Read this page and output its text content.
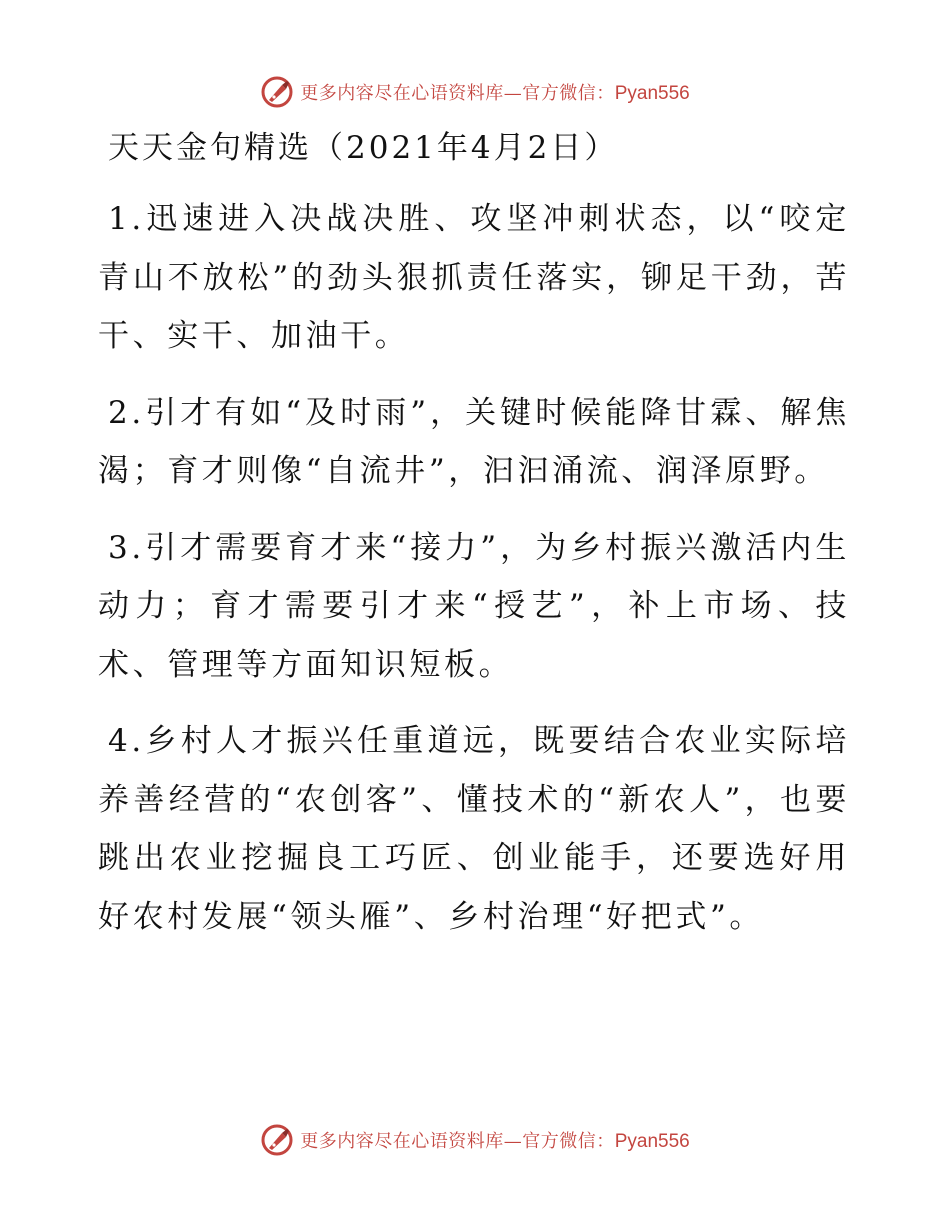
更多内容尽在心语资料库—官方微信：Pyan556
天天金句精选（2021年4月2日）
1.迅速进入决战决胜、攻坚冲刺状态，以“咬定青山不放松”的劲头狠抓责任落实，铆足干劲，苦干、实干、加油干。
2.引才有如“及时雨”，关键时候能降甘霖、解焦渴；育才则像“自流井”，汩汩涌流、润泽原野。
3.引才需要育才来“接力”，为乡村振兴激活内生动力；育才需要引才来“授艺”，补上市场、技术、管理等方面知识短板。
4.乡村人才振兴任重道远，既要结合农业实际培养善经营的“农创客”、懂技术的“新农人”，也要跳出农业挖掘良工巧匠、创业能手，还要选好用好农村发展“领头雁”、乡村治理“好把式”。
更多内容尽在心语资料库—官方微信：Pyan556
